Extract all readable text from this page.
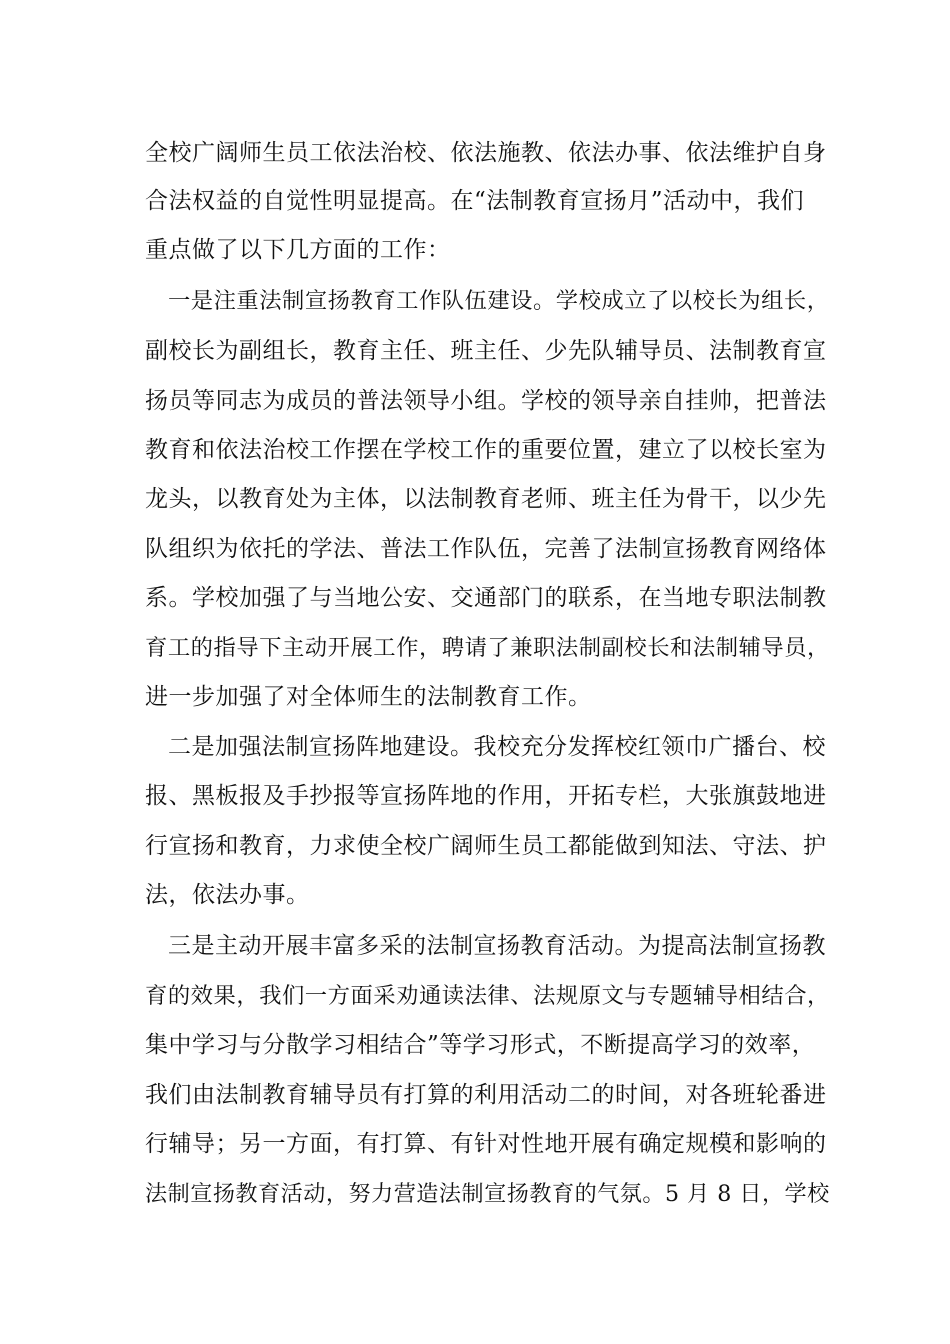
全校广阔师生员工依法治校、依法施教、依法办事、依法维护自身
合法权益的自觉性明显提高。在“法制教育宣扬月”活动中，我们
重点做了以下几方面的工作：
一是注重法制宣扬教育工作队伍建设。学校成立了以校长为组长，
副校长为副组长，教育主任、班主任、少先队辅导员、法制教育宣
扬员等同志为成员的普法领导小组。学校的领导亲自挂帅，把普法
教育和依法治校工作摆在学校工作的重要位置，建立了以校长室为
龙头，以教育处为主体，以法制教育老师、班主任为骨干，以少先
队组织为依托的学法、普法工作队伍，完善了法制宣扬教育网络体
系。学校加强了与当地公安、交通部门的联系，在当地专职法制教
育工的指导下主动开展工作，聘请了兼职法制副校长和法制辅导员，
进一步加强了对全体师生的法制教育工作。
二是加强法制宣扬阵地建设。我校充分发挥校红领巾广播台、校
报、黑板报及手抄报等宣扬阵地的作用，开拓专栏，大张旗鼓地进
行宣扬和教育，力求使全校广阔师生员工都能做到知法、守法、护
法，依法办事。
三是主动开展丰富多采的法制宣扬教育活动。为提高法制宣扬教
育的效果，我们一方面采劝通读法律、法规原文与专题辅导相结合，
集中学习与分散学习相结合”等学习形式，不断提高学习的效率，
我们由法制教育辅导员有打算的利用活动二的时间，对各班轮番进
行辅导；另一方面，有打算、有针对性地开展有确定规模和影响的
法制宣扬教育活动，努力营造法制宣扬教育的气氛。5 月 8 日，学校
